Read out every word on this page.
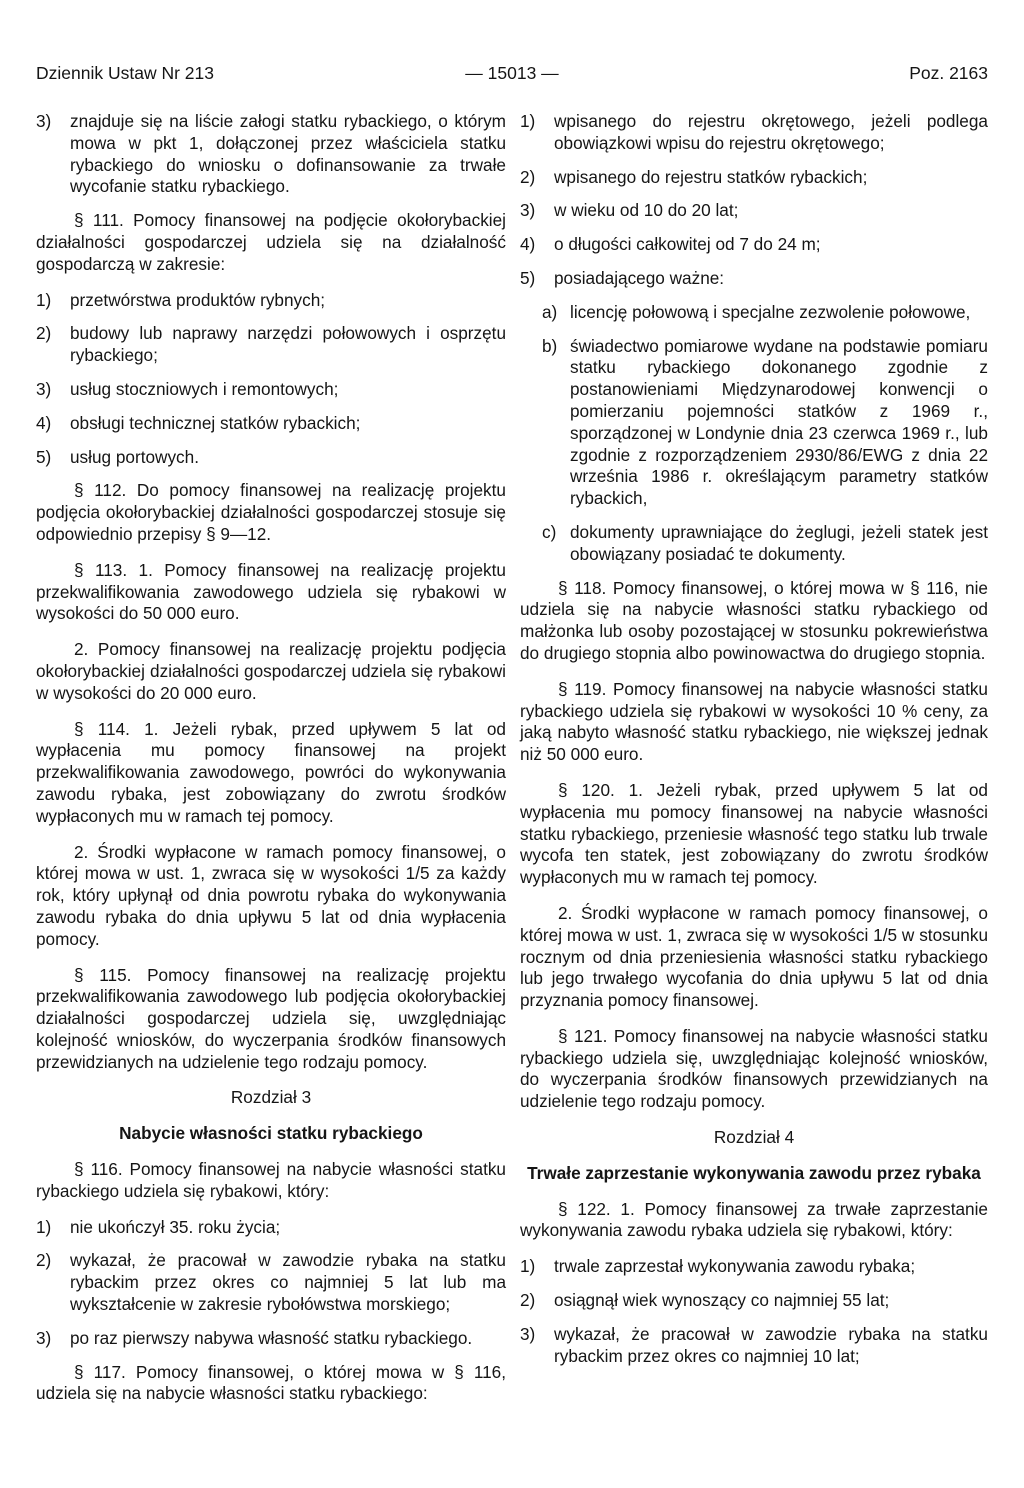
Dziennik Ustaw Nr 213	— 15013 —	Poz. 2163
3)	znajduje się na liście załogi statku rybackiego, o którym mowa w pkt 1, dołączonej przez właściciela statku rybackiego do wniosku o dofinansowanie za trwałe wycofanie statku rybackiego.

§ 111. Pomocy finansowej na podjęcie okołorybackiej działalności gospodarczej udziela się na działalność gospodarczą w zakresie:

1)	przetwórstwa produktów rybnych;
2)	budowy lub naprawy narzędzi połowowych i osprzętu rybackiego;
3)	usług stoczniowych i remontowych;
4)	obsługi technicznej statków rybackich;
5)	usług portowych.

§ 112. Do pomocy finansowej na realizację projektu podjęcia okołorybackiej działalności gospodarczej stosuje się odpowiednio przepisy § 9—12.

§ 113. 1. Pomocy finansowej na realizację projektu przekwalifikowania zawodowego udziela się rybakowi w wysokości do 50 000 euro.

2. Pomocy finansowej na realizację projektu podjęcia okołorybackiej działalności gospodarczej udziela się rybakowi w wysokości do 20 000 euro.

§ 114. 1. Jeżeli rybak, przed upływem 5 lat od wypłacenia mu pomocy finansowej na projekt przekwalifikowania zawodowego, powróci do wykonywania zawodu rybaka, jest zobowiązany do zwrotu środków wypłaconych mu w ramach tej pomocy.

2. Środki wypłacone w ramach pomocy finansowej, o której mowa w ust. 1, zwraca się w wysokości 1/5 za każdy rok, który upłynął od dnia powrotu rybaka do wykonywania zawodu rybaka do dnia upływu 5 lat od dnia wypłacenia pomocy.

§ 115. Pomocy finansowej na realizację projektu przekwalifikowania zawodowego lub podjęcia okołorybackiej działalności gospodarczej udziela się, uwzględniając kolejność wniosków, do wyczerpania środków finansowych przewidzianych na udzielenie tego rodzaju pomocy.

Rozdział 3

Nabycie własności statku rybackiego

§ 116. Pomocy finansowej na nabycie własności statku rybackiego udziela się rybakowi, który:

1)	nie ukończył 35. roku życia;
2)	wykazał, że pracował w zawodzie rybaka na statku rybackim przez okres co najmniej 5 lat lub ma wykształcenie w zakresie rybołówstwa morskiego;
3)	po raz pierwszy nabywa własność statku rybackiego.

§ 117. Pomocy finansowej, o której mowa w § 116, udziela się na nabycie własności statku rybackiego:

1)	wpisanego do rejestru okrętowego, jeżeli podlega obowiązkowi wpisu do rejestru okrętowego;
2)	wpisanego do rejestru statków rybackich;
3)	w wieku od 10 do 20 lat;
4)	o długości całkowitej od 7 do 24 m;
5)	posiadającego ważne:
a) licencję połowową i specjalne zezwolenie połowowe,
b) świadectwo pomiarowe wydane na podstawie pomiaru statku rybackiego dokonanego zgodnie z postanowieniami Międzynarodowej konwencji o pomierzaniu pojemności statków z 1969 r., sporządzonej w Londynie dnia 23 czerwca 1969 r., lub zgodnie z rozporządzeniem 2930/86/EWG z dnia 22 września 1986 r. określającym parametry statków rybackich,
c) dokumenty uprawniające do żeglugi, jeżeli statek jest obowiązany posiadać te dokumenty.

§ 118. Pomocy finansowej, o której mowa w § 116, nie udziela się na nabycie własności statku rybackiego od małżonka lub osoby pozostającej w stosunku pokrewieństwa do drugiego stopnia albo powinowactwa do drugiego stopnia.

§ 119. Pomocy finansowej na nabycie własności statku rybackiego udziela się rybakowi w wysokości 10 % ceny, za jaką nabyto własność statku rybackiego, nie większej jednak niż 50 000 euro.

§ 120. 1. Jeżeli rybak, przed upływem 5 lat od wypłacenia mu pomocy finansowej na nabycie własności statku rybackiego, przeniesie własność tego statku lub trwale wycofa ten statek, jest zobowiązany do zwrotu środków wypłaconych mu w ramach tej pomocy.

2. Środki wypłacone w ramach pomocy finansowej, o której mowa w ust. 1, zwraca się w wysokości 1/5 w stosunku rocznym od dnia przeniesienia własności statku rybackiego lub jego trwałego wycofania do dnia upływu 5 lat od dnia przyznania pomocy finansowej.

§ 121. Pomocy finansowej na nabycie własności statku rybackiego udziela się, uwzględniając kolejność wniosków, do wyczerpania środków finansowych przewidzianych na udzielenie tego rodzaju pomocy.

Rozdział 4

Trwałe zaprzestanie wykonywania zawodu przez rybaka

§ 122. 1. Pomocy finansowej za trwałe zaprzestanie wykonywania zawodu rybaka udziela się rybakowi, który:

1)	trwale zaprzestał wykonywania zawodu rybaka;
2)	osiągnął wiek wynoszący co najmniej 55 lat;
3)	wykazał, że pracował w zawodzie rybaka na statku rybackim przez okres co najmniej 10 lat;
